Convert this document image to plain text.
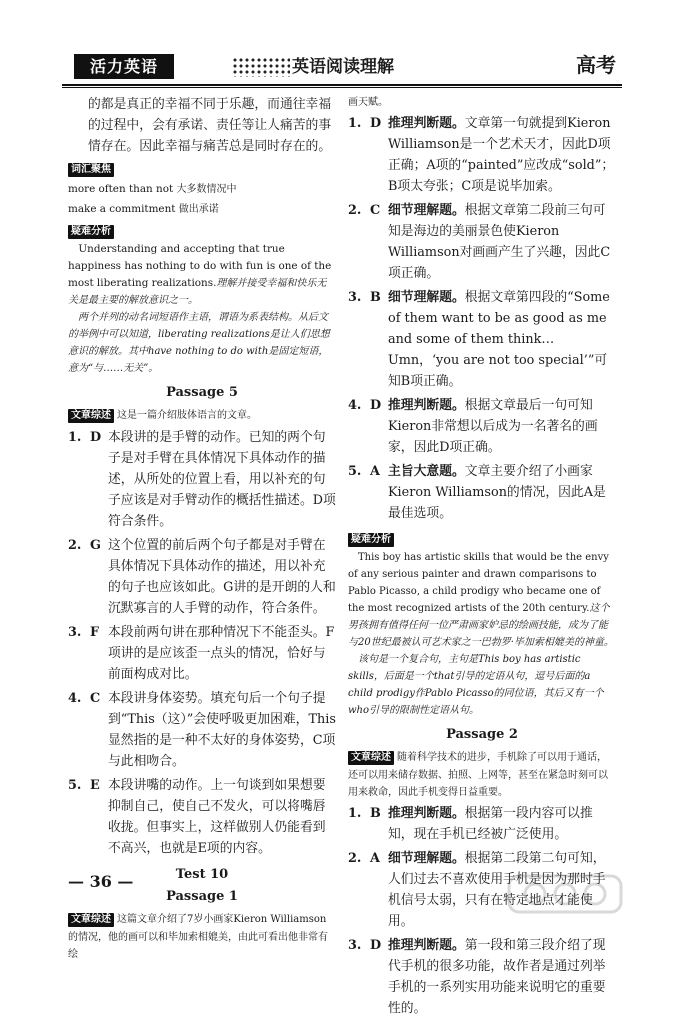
活力英语	英语阅读理解	高考

的都是真正的幸福不同于乐趣，而通往幸福

的过程中，会有承诺、责任等让人痛苦的事

情存在。因此幸福与痛苦总是同时存在的。

词汇聚焦

more often than not 大多数情况中

make a commitment 做出承诺

疑难分析

Understanding and accepting that true happiness has nothing to do with fun is one of the most liberating realizations.理解并接受幸福和快乐无关是最主要的解放意识之一。

两个并列的动名词短语作主语，谓语为系表结构。从后文的举例中可以知道，liberating realizations是让人们思想意识的解放。其中have nothing to do with是固定短语，意为“与……无关”。

Passage 5

文章综述 这是一篇介绍肢体语言的文章。

1. D 本段讲的是手臂的动作。已知的两个句子是对手臂在具体情况下具体动作的描述，从所处的位置上看，用以补充的句子应该是对手臂动作的概括性描述。D项符合条件。
2. G 这个位置的前后两个句子都是对手臂在具体情况下具体动作的描述，用以补充的句子也应该如此。G讲的是开朗的人和沉默寡言的人手臂的动作，符合条件。
3. F 本段前两句讲在那种情况下不能歪头。F项讲的是应该歪一点头的情况，恰好与前面构成对比。
4. C 本段讲身体姿势。填充句后一个句子提到“This（这）”会使呼吸更加困难，This显然指的是一种不太好的身体姿势，C项与此相吻合。
5. E 本段讲嘴的动作。上一句谈到如果想要抑制自己，使自己不发火，可以将嘴唇收拢。但事实上，这样做别人仍能看到不高兴，也就是E项的内容。
Test 10
Passage 1

文章综述 这篇文章介绍了7岁小画家Kieron Williamson的情况，他的画可以和毕加索相媲美，由此可看出他非常有绘

画天赋。

1. D 推理判断题。文章第一句就提到Kieron Williamson是一个艺术天才，因此D项正确；A项的“painted”应改成“sold”；B项太夸张；C项是说毕加索。
2. C 细节理解题。根据文章第二段前三句可知是海边的美丽景色使Kieron Williamson对画画产生了兴趣，因此C项正确。
3. B 细节理解题。根据文章第四段的“Some of them want to be as good as me and some of them think… Umn，‘you are not too special’”可知B项正确。
4. D 推理判断题。根据文章最后一句可知Kieron非常想以后成为一名著名的画家，因此D项正确。
5. A 主旨大意题。文章主要介绍了小画家Kieron Williamson的情况，因此A是最佳选项。
疑难分析

This boy has artistic skills that would be the envy of any serious painter and drawn comparisons to Pablo Picasso, a child prodigy who became one of the most recognized artists of the 20th century.这个男孩拥有值得任何一位严肃画家妒忌的绘画技能，成为了能与20世纪最被认可艺术家之一巴勃罗·毕加索相媲美的神童。

该句是一个复合句，主句是This boy has artistic skills，后面是一个that引导的定语从句，逗号后面的a child prodigy作Pablo Picasso的同位语，其后又有一个who引导的限制性定语从句。

Passage 2

文章综述 随着科学技术的进步，手机除了可以用于通话，还可以用来储存数据、拍照、上网等，甚至在紧急时刻可以用来救命，因此手机变得日益重要。

1. B 推理判断题。根据第一段内容可以推知，现在手机已经被广泛使用。
2. A 细节理解题。根据第二段第二句可知，人们过去不喜欢使用手机是因为那时手机信号太弱，只有在特定地点才能使用。
3. D 推理判断题。第一段和第三段介绍了现代手机的很多功能，故作者是通过列举手机的一系列实用功能来说明它的重要性的。
— 36 —
